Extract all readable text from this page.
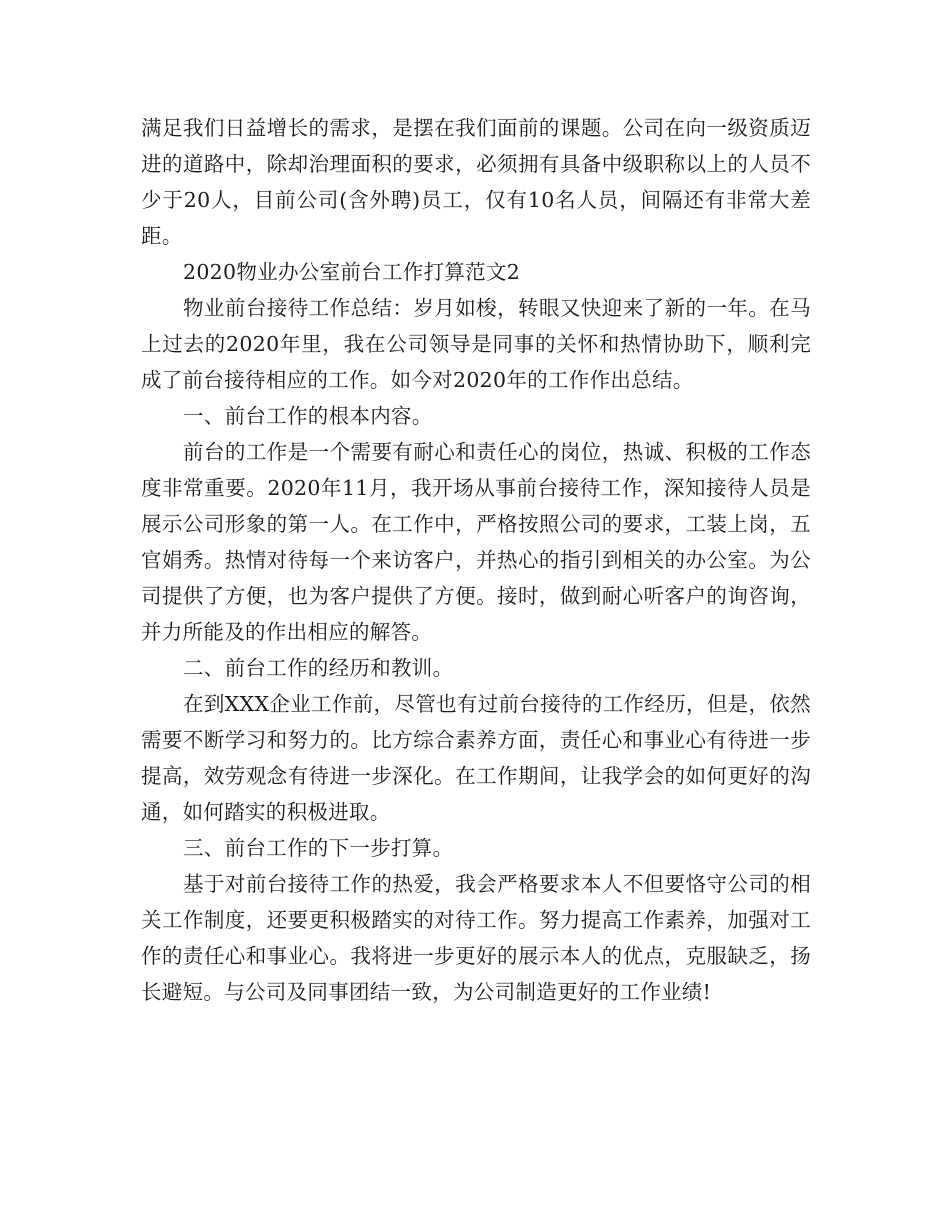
满足我们日益增长的需求，是摆在我们面前的课题。公司在向一级资质迈进的道路中，除却治理面积的要求，必须拥有具备中级职称以上的人员不少于20人，目前公司(含外聘)员工，仅有10名人员，间隔还有非常大差距。

2020物业办公室前台工作打算范文2

物业前台接待工作总结：岁月如梭，转眼又快迎来了新的一年。在马上过去的2020年里，我在公司领导是同事的关怀和热情协助下，顺利完成了前台接待相应的工作。如今对2020年的工作作出总结。

一、前台工作的根本内容。

前台的工作是一个需要有耐心和责任心的岗位，热诚、积极的工作态度非常重要。2020年11月，我开场从事前台接待工作，深知接待人员是展示公司形象的第一人。在工作中，严格按照公司的要求，工装上岗，五官娟秀。热情对待每一个来访客户，并热心的指引到相关的办公室。为公司提供了方便，也为客户提供了方便。接时，做到耐心听客户的询咨询，并力所能及的作出相应的解答。

二、前台工作的经历和教训。

在到XXX企业工作前，尽管也有过前台接待的工作经历，但是，依然需要不断学习和努力的。比方综合素养方面，责任心和事业心有待进一步提高，效劳观念有待进一步深化。在工作期间，让我学会的如何更好的沟通，如何踏实的积极进取。

三、前台工作的下一步打算。

基于对前台接待工作的热爱，我会严格要求本人不但要恪守公司的相关工作制度，还要更积极踏实的对待工作。努力提高工作素养，加强对工作的责任心和事业心。我将进一步更好的展示本人的优点，克服缺乏，扬长避短。与公司及同事团结一致，为公司制造更好的工作业绩!
